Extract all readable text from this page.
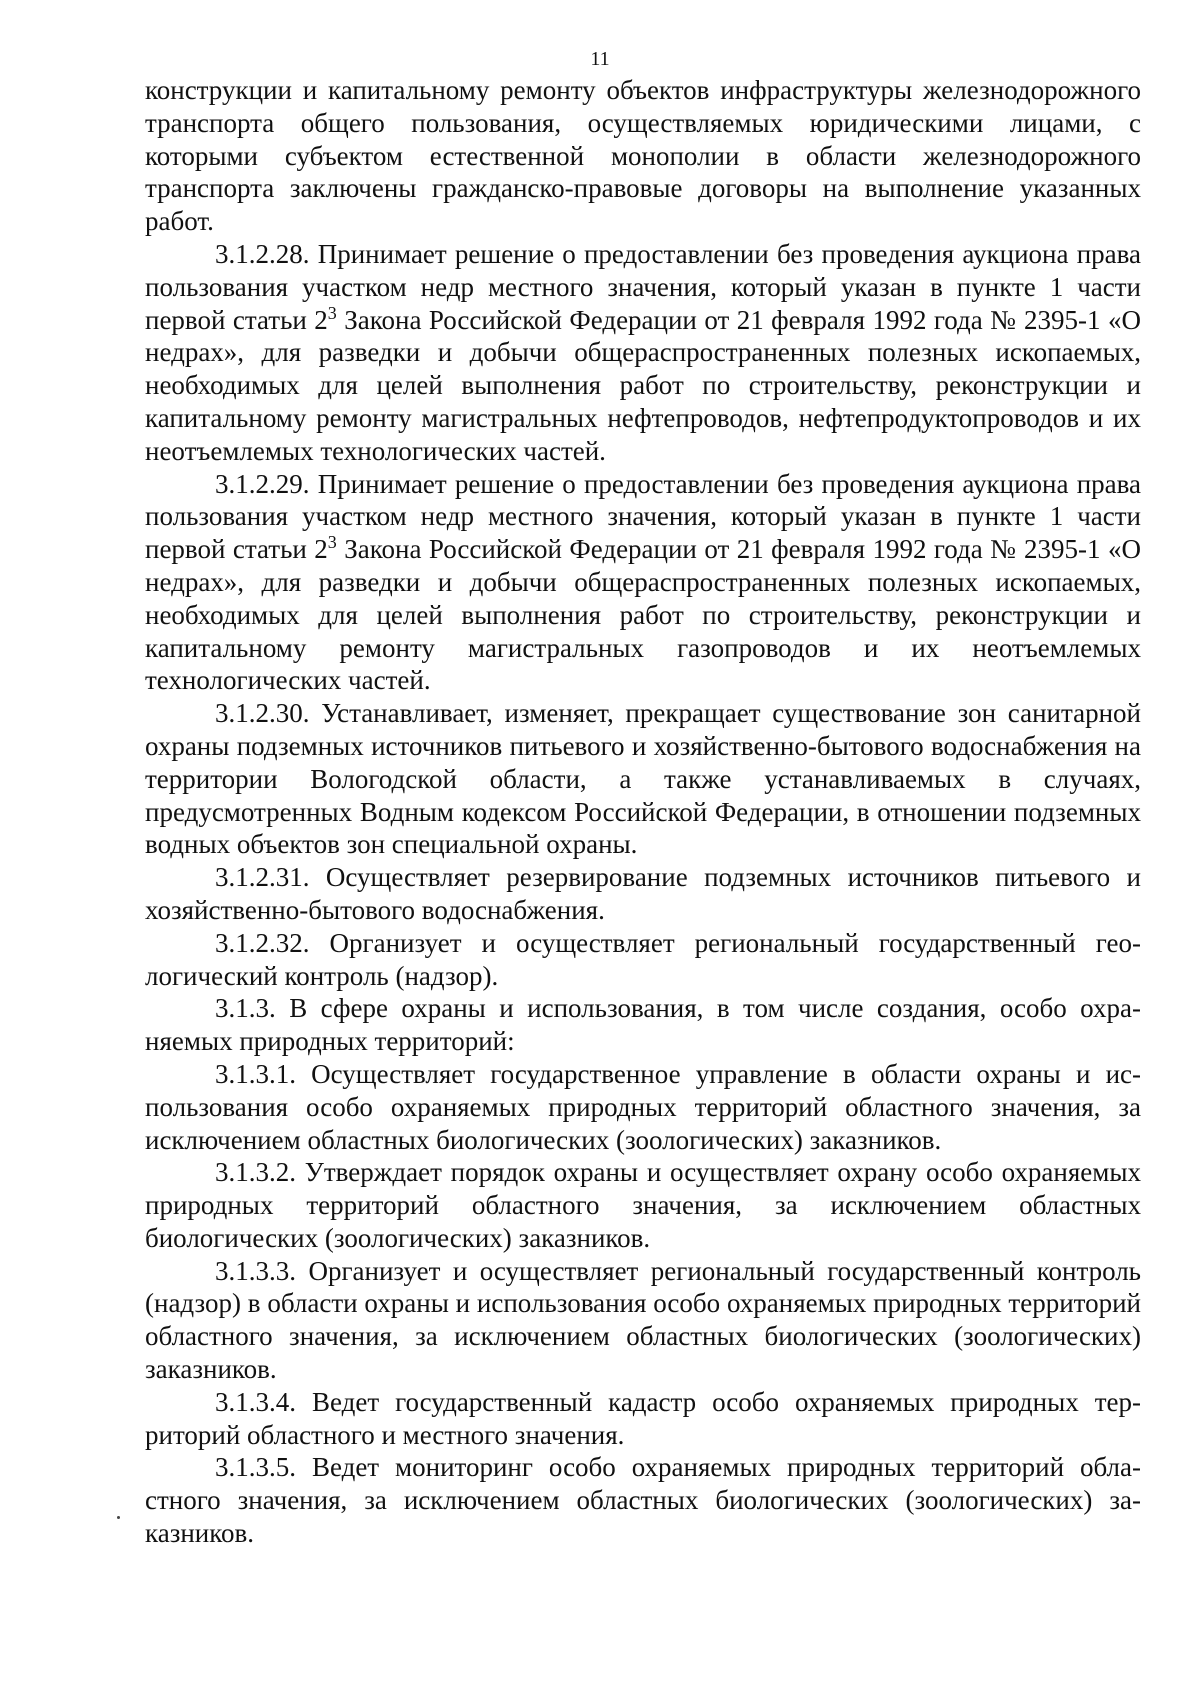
11

конструкции и капитальному ремонту объектов инфраструктуры железнодорожного транспорта общего пользования, осуществляемых юридическими лицами, с которыми субъектом естественной монополии в области железнодорожного транспорта заключены гражданско-правовые договоры на выполнение указанных работ.

3.1.2.28. Принимает решение о предоставлении без проведения аукциона права пользования участком недр местного значения, который указан в пункте 1 части первой статьи $2^3$ Закона Российской Федерации от 21 февраля 1992 года № 2395-1 «О недрах», для разведки и добычи общераспространенных полезных ископаемых, необходимых для целей выполнения работ по строительству, реконструкции и капитальному ремонту магистральных нефтепроводов, нефтепродуктопроводов и их неотъемлемых технологических частей.

3.1.2.29. Принимает решение о предоставлении без проведения аукциона права пользования участком недр местного значения, который указан в пункте 1 части первой статьи $2^3$ Закона Российской Федерации от 21 февраля 1992 года № 2395-1 «О недрах», для разведки и добычи общераспространенных полезных ископаемых, необходимых для целей выполнения работ по строительству, реконструкции и капитальному ремонту магистральных газопроводов и их неотъемлемых технологических частей.

3.1.2.30. Устанавливает, изменяет, прекращает существование зон санитарной охраны подземных источников питьевого и хозяйственно-бытового водоснабжения на территории Вологодской области, а также устанавливаемых в случаях, предусмотренных Водным кодексом Российской Федерации, в отношении подземных водных объектов зон специальной охраны.

3.1.2.31. Осуществляет резервирование подземных источников питьевого и хозяйственно-бытового водоснабжения.

3.1.2.32. Организует и осуществляет региональный государственный геологический контроль (надзор).

3.1.3. В сфере охраны и использования, в том числе создания, особо охраняемых природных территорий:

3.1.3.1. Осуществляет государственное управление в области охраны и использования особо охраняемых природных территорий областного значения, за исключением областных биологических (зоологических) заказников.

3.1.3.2. Утверждает порядок охраны и осуществляет охрану особо охраняемых природных территорий областного значения, за исключением областных биологических (зоологических) заказников.

3.1.3.3. Организует и осуществляет региональный государственный контроль (надзор) в области охраны и использования особо охраняемых природных территорий областного значения, за исключением областных биологических (зоологических) заказников.

3.1.3.4. Ведет государственный кадастр особо охраняемых природных территорий областного и местного значения.

3.1.3.5. Ведет мониторинг особо охраняемых природных территорий областного значения, за исключением областных биологических (зоологических) заказников.
